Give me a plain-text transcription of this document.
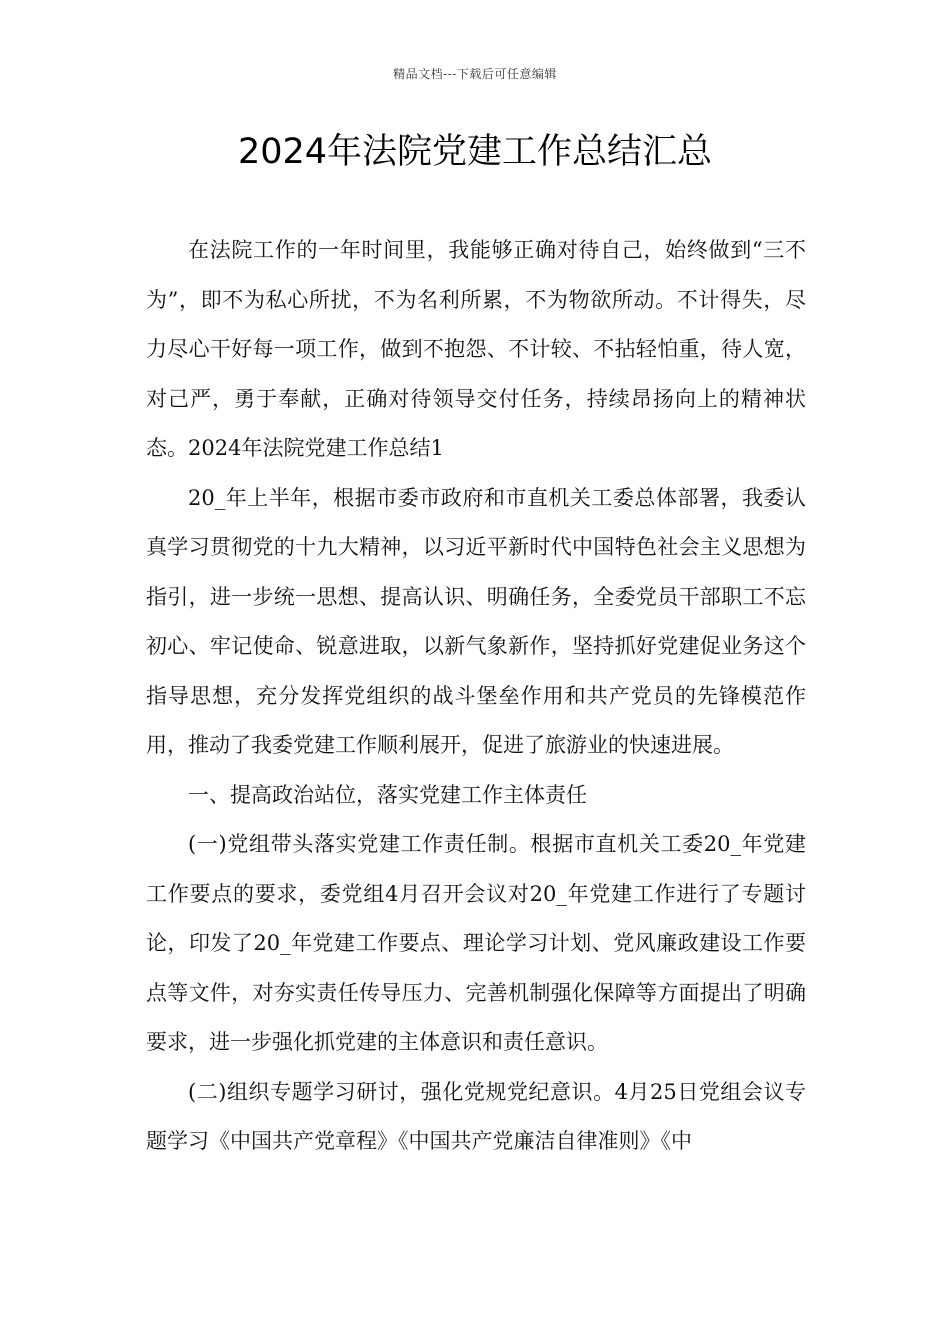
精品文档---下载后可任意编辑
2024年法院党建工作总结汇总

在法院工作的一年时间里，我能够正确对待自己，始终做到“三不为”，即不为私心所扰，不为名利所累，不为物欲所动。不计得失，尽力尽心干好每一项工作，做到不抱怨、不计较、不拈轻怕重，待人宽，对己严，勇于奉献，正确对待领导交付任务，持续昂扬向上的精神状态。2024年法院党建工作总结1

20_年上半年，根据市委市政府和市直机关工委总体部署，我委认真学习贯彻党的十九大精神，以习近平新时代中国特色社会主义思想为指引，进一步统一思想、提高认识、明确任务，全委党员干部职工不忘初心、牢记使命、锐意进取，以新气象新作，坚持抓好党建促业务这个指导思想，充分发挥党组织的战斗堡垒作用和共产党员的先锋模范作用，推动了我委党建工作顺利展开，促进了旅游业的快速进展。

一、提高政治站位，落实党建工作主体责任

(一)党组带头落实党建工作责任制。根据市直机关工委20_年党建工作要点的要求，委党组4月召开会议对20_年党建工作进行了专题讨论，印发了20_年党建工作要点、理论学习计划、党风廉政建设工作要点等文件，对夯实责任传导压力、完善机制强化保障等方面提出了明确要求，进一步强化抓党建的主体意识和责任意识。

(二)组织专题学习研讨，强化党规党纪意识。4月25日党组会议专题学习《中国共产党章程》《中国共产党廉洁自律准则》《中
